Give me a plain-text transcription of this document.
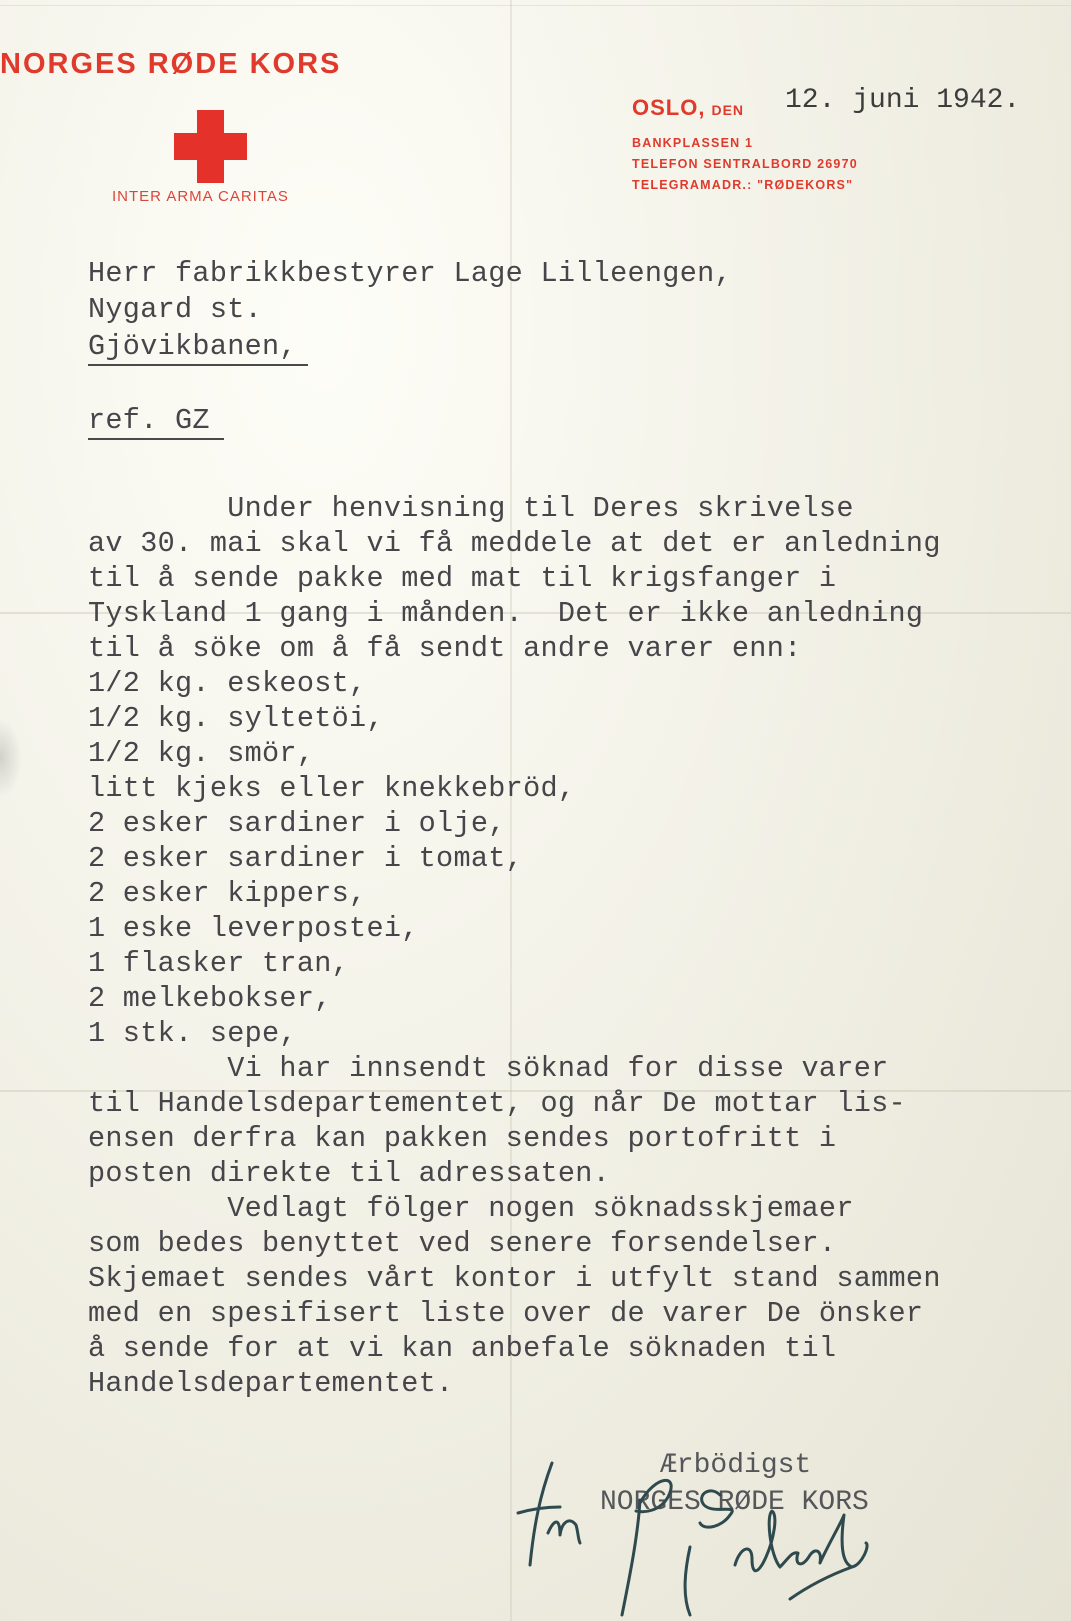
NORGES RØDE KORS
INTER ARMA CARITAS
OSLO, DEN 12. juni 1942.
BANKPLASSEN 1
TELEFON SENTRALBORD 26970
TELEGRAMADR.: "RØDEKORS"
Herr fabrikkbestyrer Lage Lilleengen,
Nygard st.
Gjövikbanen,
ref. GZ
Under henvisning til Deres skrivelse
av 30. mai skal vi få meddele at det er anledning
til å sende pakke med mat til krigsfanger i
Tyskland 1 gang i månden.  Det er ikke anledning
til å söke om å få sendt andre varer enn:
1/2 kg. eskeost,
1/2 kg. syltetöi,
1/2 kg. smör,
litt kjeks eller knekkebröd,
2 esker sardiner i olje,
2 esker sardiner i tomat,
2 esker kippers,
1 eske leverpostei,
1 flasker tran,
2 melkebokser,
1 stk. sepe,
Vi har innsendt söknad for disse varer
til Handelsdepartementet, og når De mottar lis-
ensen derfra kan pakken sendes portofritt i
posten direkte til adressaten.
Vedlagt fölger nogen söknadsskjemaer
som bedes benyttet ved senere forsendelser.
Skjemaet sendes vårt kontor i utfylt stand sammen
med en spesifisert liste over de varer De önsker
å sende for at vi kan anbefale söknaden til
Handelsdepartementet.
Ærbödigst
NORGES RØDE KORS
